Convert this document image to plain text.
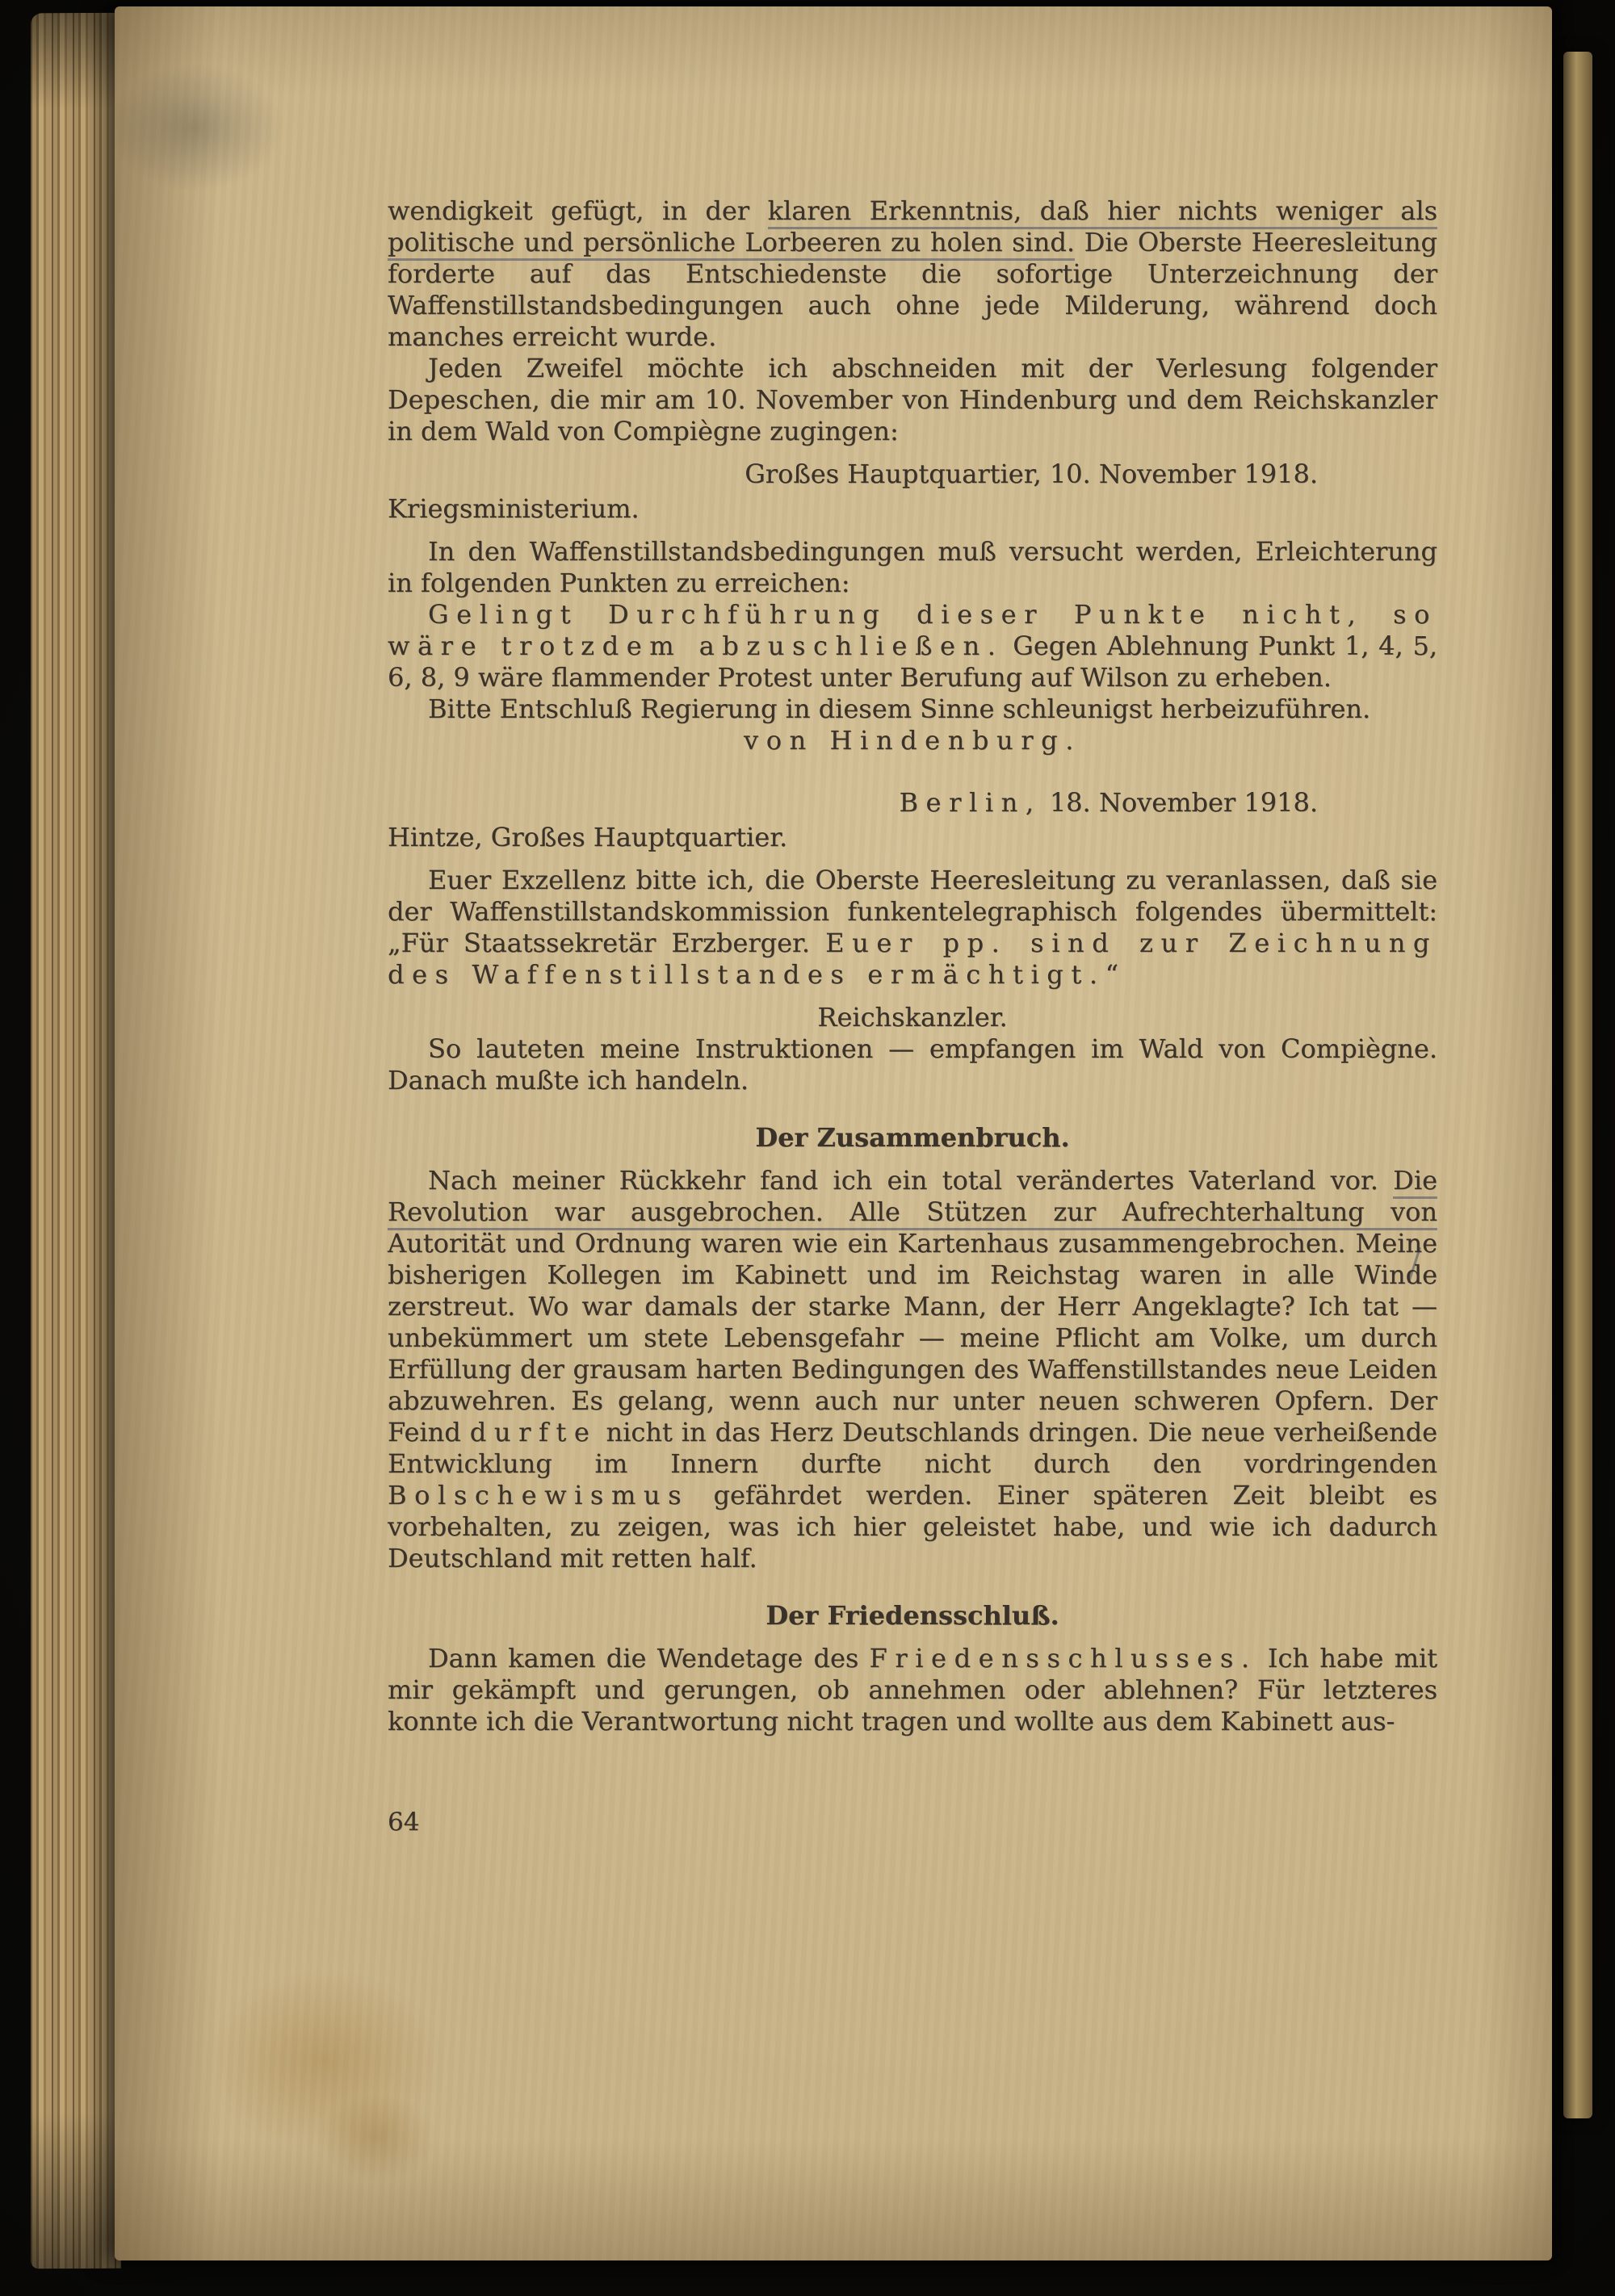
wendigkeit gefügt, in der klaren Erkenntnis, daß hier nichts weniger als politische und persönliche Lorbeeren zu holen sind. Die Oberste Heeresleitung forderte auf das Entschiedenste die sofortige Unterzeichnung der Waffenstillstandsbedingungen auch ohne jede Milderung, während doch manches erreicht wurde.

Jeden Zweifel möchte ich abschneiden mit der Verlesung folgender Depeschen, die mir am 10. November von Hindenburg und dem Reichskanzler in dem Wald von Compiègne zugingen:

Großes Hauptquartier, 10. November 1918.

Kriegsministerium.

In den Waffenstillstandsbedingungen muß versucht werden, Erleichterung in folgenden Punkten zu erreichen:

Gelingt Durchführung dieser Punkte nicht, so wäre trotzdem abzuschließen. Gegen Ablehnung Punkt 1, 4, 5, 6, 8, 9 wäre flammender Protest unter Berufung auf Wilson zu erheben.

Bitte Entschluß Regierung in diesem Sinne schleunigst herbeizuführen.

von Hindenburg.

Berlin, 18. November 1918.

Hintze, Großes Hauptquartier.

Euer Exzellenz bitte ich, die Oberste Heeresleitung zu veranlassen, daß sie der Waffenstillstandskommission funkentelegraphisch folgendes übermittelt: „Für Staatssekretär Erzberger. Euer pp. sind zur Zeichnung des Waffenstillstandes ermächtigt.“

Reichskanzler.

So lauteten meine Instruktionen — empfangen im Wald von Compiègne. Danach mußte ich handeln.

Der Zusammenbruch.

Nach meiner Rückkehr fand ich ein total verändertes Vaterland vor. Die Revolution war ausgebrochen. Alle Stützen zur Aufrechterhaltung von Autorität und Ordnung waren wie ein Kartenhaus zusammengebrochen. Meine bisherigen Kollegen im Kabinett und im Reichstag waren in alle Winde zerstreut. Wo war damals der starke Mann, der Herr Angeklagte? Ich tat — unbekümmert um stete Lebensgefahr — meine Pflicht am Volke, um durch Erfüllung der grausam harten Bedingungen des Waffenstillstandes neue Leiden abzuwehren. Es gelang, wenn auch nur unter neuen schweren Opfern. Der Feind durfte nicht in das Herz Deutschlands dringen. Die neue verheißende Entwicklung im Innern durfte nicht durch den vordringenden Bolschewismus gefährdet werden. Einer späteren Zeit bleibt es vorbehalten, zu zeigen, was ich hier geleistet habe, und wie ich dadurch Deutschland mit retten half.

Der Friedensschluß.

Dann kamen die Wendetage des Friedensschlusses. Ich habe mit mir gekämpft und gerungen, ob annehmen oder ablehnen? Für letzteres konnte ich die Verantwortung nicht tragen und wollte aus dem Kabinett aus-

64
